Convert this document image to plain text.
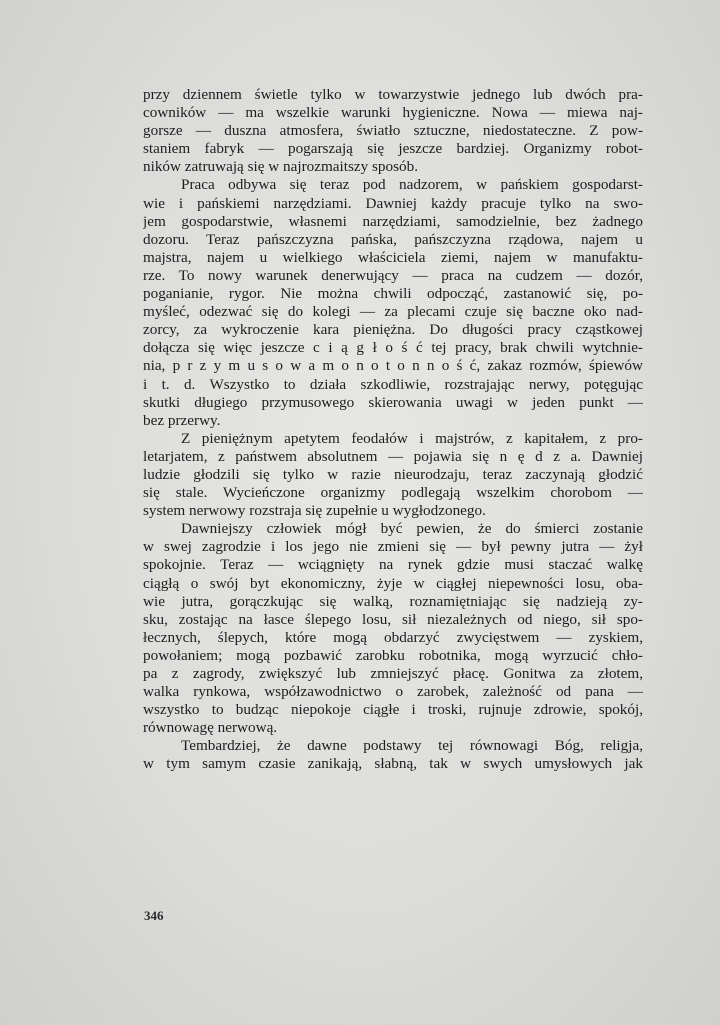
przy dziennem świetle tylko w towarzystwie jednego lub dwóch pra-
cowników — ma wszelkie warunki hygieniczne. Nowa — miewa naj-
gorsze — duszna atmosfera, światło sztuczne, niedostateczne. Z pow-
staniem fabryk — pogarszają się jeszcze bardziej. Organizmy robot-
ników zatruwają się w najrozmaitszy sposób.
Praca odbywa się teraz pod nadzorem, w pańskiem gospodarst-
wie i pańskiemi narzędziami. Dawniej każdy pracuje tylko na swo-
jem gospodarstwie, własnemi narzędziami, samodzielnie, bez żadnego
dozoru. Teraz pańszczyzna pańska, pańszczyzna rządowa, najem u
majstra, najem u wielkiego właściciela ziemi, najem w manufaktu-
rze. To nowy warunek denerwujący — praca na cudzem — dozór,
poganianie, rygor. Nie można chwili odpocząć, zastanowić się, po-
myśleć, odezwać się do kolegi — za plecami czuje się baczne oko nad-
zorcy, za wykroczenie kara pieniężna. Do długości pracy cząstkowej
dołącza się więc jeszcze c i ą g ł o ś ć tej pracy, brak chwili wytchnie-
nia, p r z y m u s o w a m o n o t o n n o ś ć, zakaz rozmów, śpiewów
i t. d. Wszystko to działa szkodliwie, rozstrajając nerwy, potęgując
skutki długiego przymusowego skierowania uwagi w jeden punkt —
bez przerwy.
Z pieniężnym apetytem feodałów i majstrów, z kapitałem, z pro-
letarjatem, z państwem absolutnem — pojawia się n ę d z a. Dawniej
ludzie głodzili się tylko w razie nieurodzaju, teraz zaczynają głodzić
się stale. Wycieńczone organizmy podlegają wszelkim chorobom —
system nerwowy rozstraja się zupełnie u wygłodzonego.
Dawniejszy człowiek mógł być pewien, że do śmierci zostanie
w swej zagrodzie i los jego nie zmieni się — był pewny jutra — żył
spokojnie. Teraz — wciągnięty na rynek gdzie musi staczać walkę
ciągłą o swój byt ekonomiczny, żyje w ciągłej niepewności losu, oba-
wie jutra, gorączkując się walką, roznamiętniając się nadzieją zy-
sku, zostając na łasce ślepego losu, sił niezależnych od niego, sił spo-
łecznych, ślepych, które mogą obdarzyć zwycięstwem — zyskiem,
powołaniem; mogą pozbawić zarobku robotnika, mogą wyrzucić chło-
pa z zagrody, zwiększyć lub zmniejszyć płacę. Gonitwa za złotem,
walka rynkowa, współzawodnictwo o zarobek, zależność od pana —
wszystko to budząc niepokoje ciągłe i troski, rujnuje zdrowie, spokój,
równowagę nerwową.
Tembardziej, że dawne podstawy tej równowagi Bóg, religja,
w tym samym czasie zanikają, słabną, tak w swych umysłowych jak
346
